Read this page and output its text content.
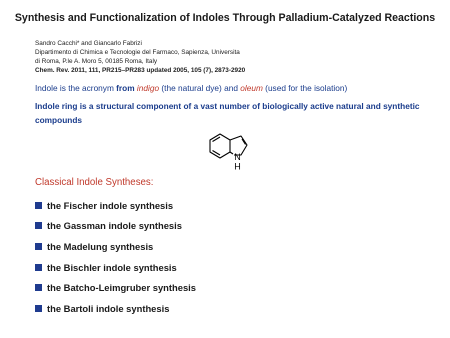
Synthesis and Functionalization of Indoles Through Palladium-Catalyzed Reactions
Sandro Cacchi* and Giancarlo Fabrizi
Dipartimento di Chimica e Tecnologie del Farmaco, Sapienza, Universita
di Roma, P.le A. Moro 5, 00185 Roma, Italy
Chem. Rev. 2011, 111, PR215–PR283 updated 2005, 105 (7), 2873-2920
Indole is the acronym from indigo (the natural dye) and oleum (used for the isolation)
Indole ring is a structural component of a vast number of biologically active natural and synthetic compounds
N
H
Classical Indole Syntheses:
the Fischer indole synthesis
the Gassman indole synthesis
the Madelung synthesis
the Bischler indole synthesis
the Batcho-Leimgruber synthesis
the Bartoli indole synthesis
